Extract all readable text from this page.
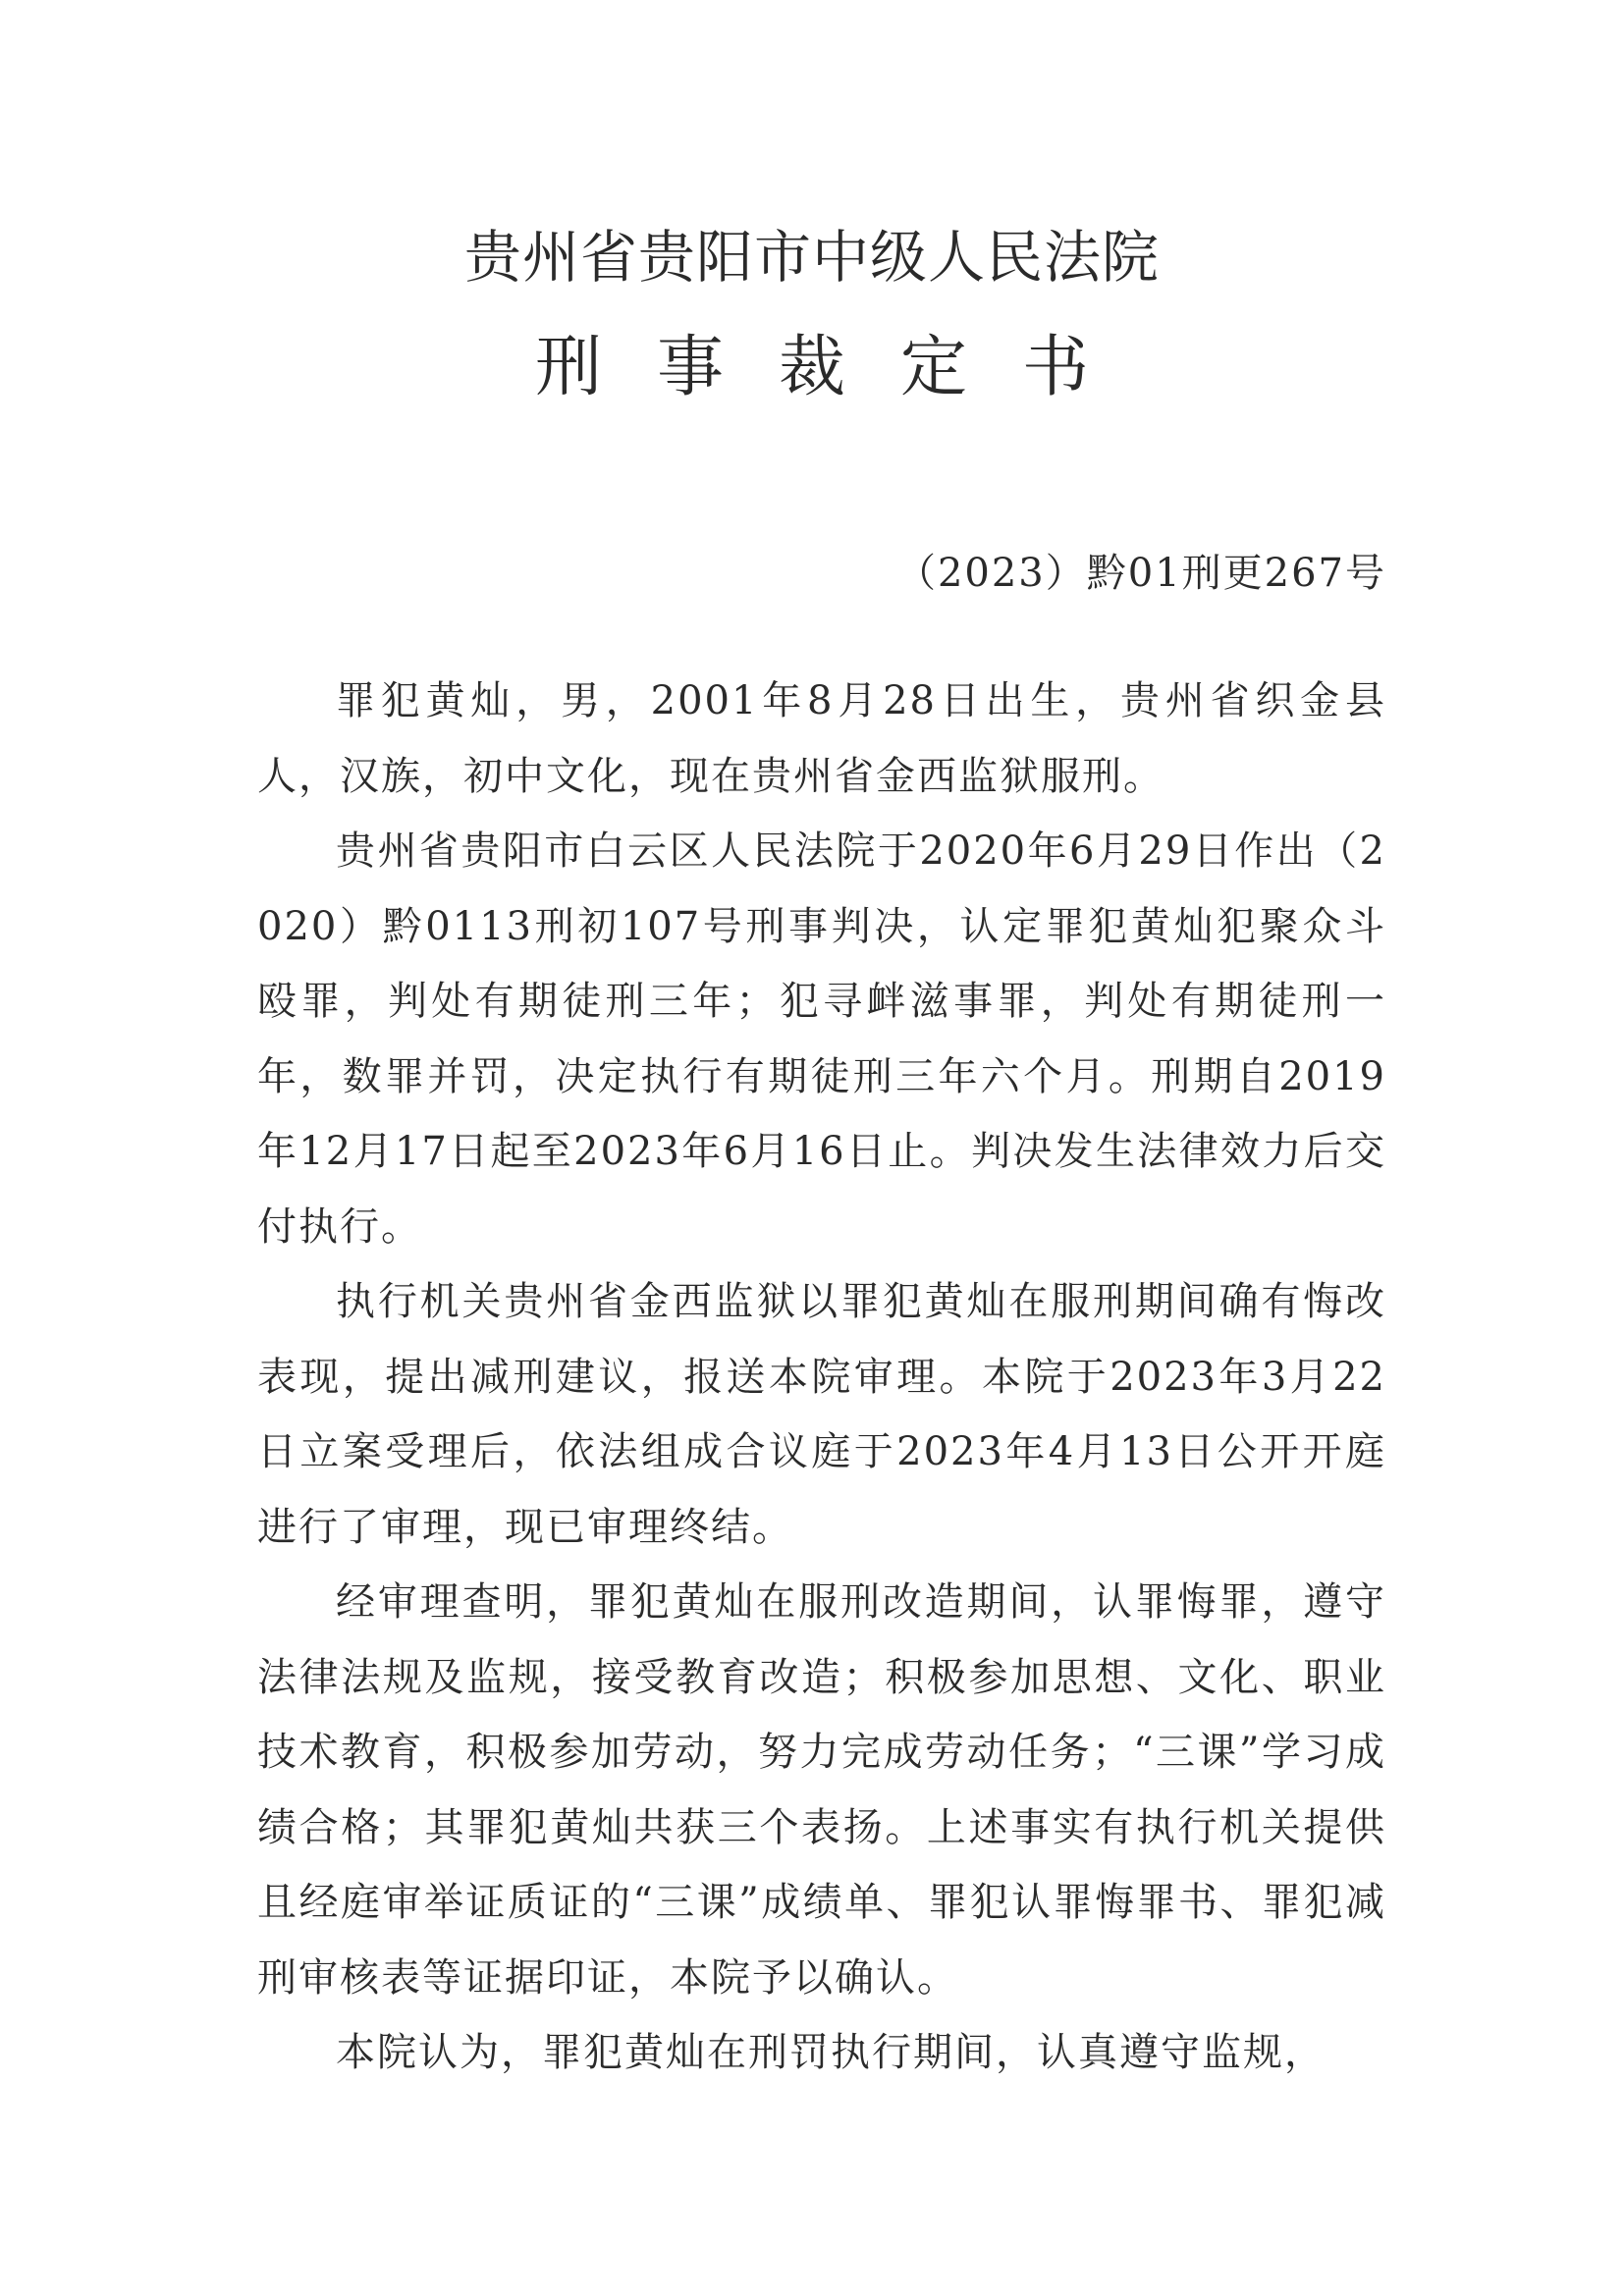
贵州省贵阳市中级人民法院
刑事裁定书

（2023）黔01刑更267号

罪犯黄灿，男，2001年8月28日出生，贵州省织金县人，汉族，初中文化，现在贵州省金西监狱服刑。

贵州省贵阳市白云区人民法院于2020年6月29日作出（2020）黔0113刑初107号刑事判决，认定罪犯黄灿犯聚众斗殴罪，判处有期徒刑三年；犯寻衅滋事罪，判处有期徒刑一年，数罪并罚，决定执行有期徒刑三年六个月。刑期自2019年12月17日起至2023年6月16日止。判决发生法律效力后交付执行。

执行机关贵州省金西监狱以罪犯黄灿在服刑期间确有悔改表现，提出减刑建议，报送本院审理。本院于2023年3月22日立案受理后，依法组成合议庭于2023年4月13日公开开庭进行了审理，现已审理终结。

经审理查明，罪犯黄灿在服刑改造期间，认罪悔罪，遵守法律法规及监规，接受教育改造；积极参加思想、文化、职业技术教育，积极参加劳动，努力完成劳动任务；“三课”学习成绩合格；其罪犯黄灿共获三个表扬。上述事实有执行机关提供且经庭审举证质证的“三课”成绩单、罪犯认罪悔罪书、罪犯减刑审核表等证据印证，本院予以确认。

本院认为，罪犯黄灿在刑罚执行期间，认真遵守监规，
